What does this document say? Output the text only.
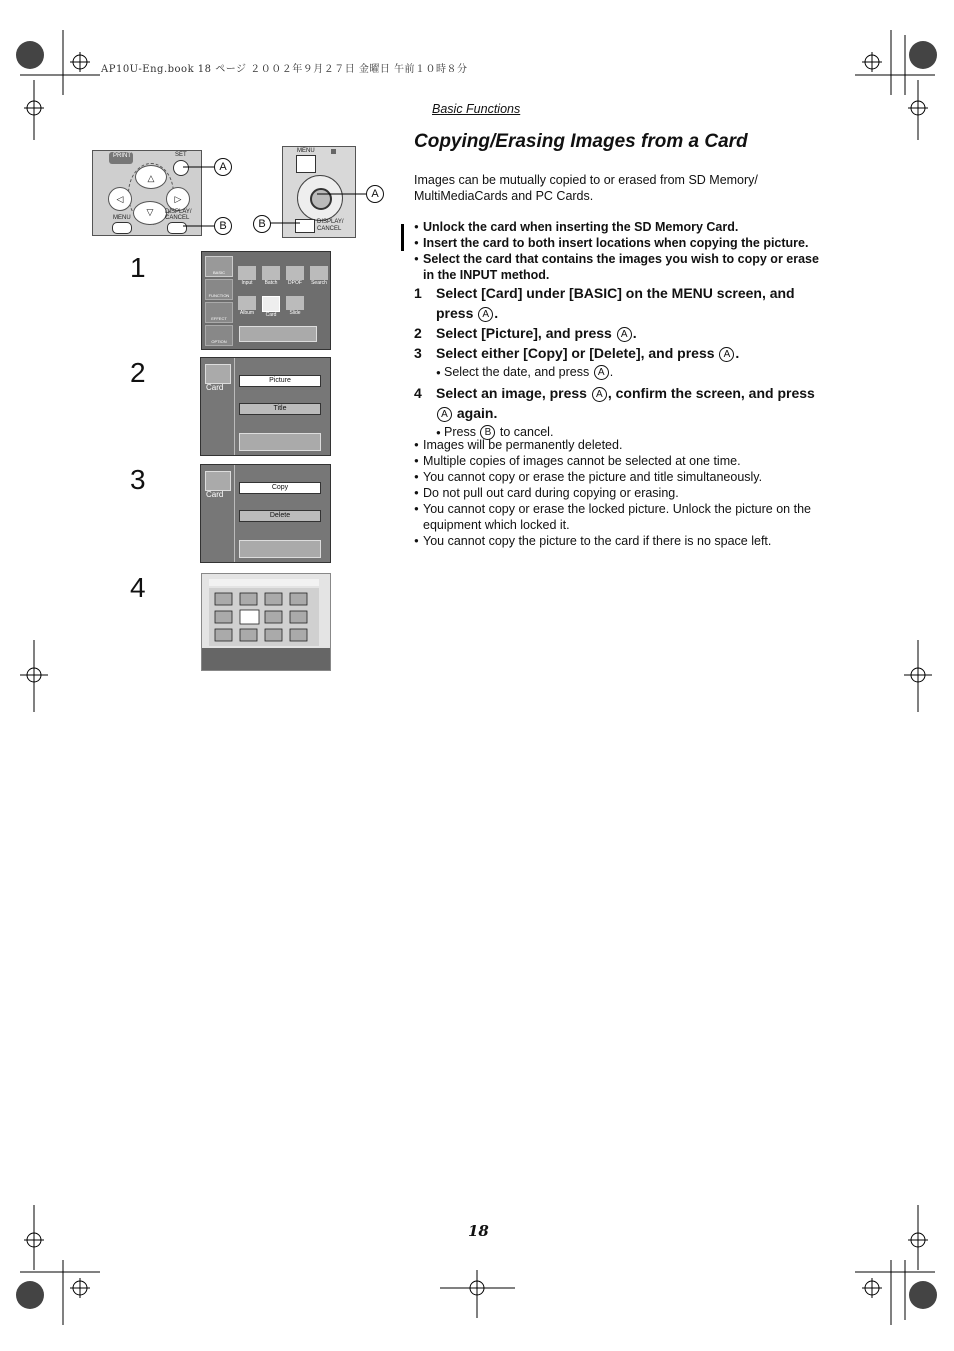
AP10U-Eng.book 18 ページ ２００２年９月２７日 金曜日 午前１０時８分
PRINT	SET
△
◁	▷
▽
MENU
DISPLAY/ CANCEL
A
B
MENU
DISPLAY/ CANCEL
A
B
1
2
3
4
BASIC
FUNCTION
EFFECT
OPTION
Input	Batch	DPOF	Search
Album	Card	Slide
Card
Picture
Title
Card
Copy
Delete
Basic Functions
Copying/Erasing Images from a Card
Images can be mutually copied to or erased from SD Memory/ MultiMediaCards and PC Cards.
● Unlock the card when inserting the SD Memory Card.
● Insert the card to both insert locations when copying the picture.
● Select the card that contains the images you wish to copy or erase in the INPUT method.
1 Select [Card] under [BASIC] on the MENU screen, and press A .
2 Select [Picture], and press A .
3 Select either [Copy] or [Delete], and press A .
● Select the date, and press A .
4 Select an image, press A , confirm the screen, and press
A again.
● Press B to cancel.
● Images will be permanently deleted.
● Multiple copies of images cannot be selected at one time.
● You cannot copy or erase the picture and title simultaneously.
● Do not pull out card during copying or erasing.
● You cannot copy or erase the locked picture. Unlock the picture on the equipment which locked it.
● You cannot copy the picture to the card if there is no space left.
18
